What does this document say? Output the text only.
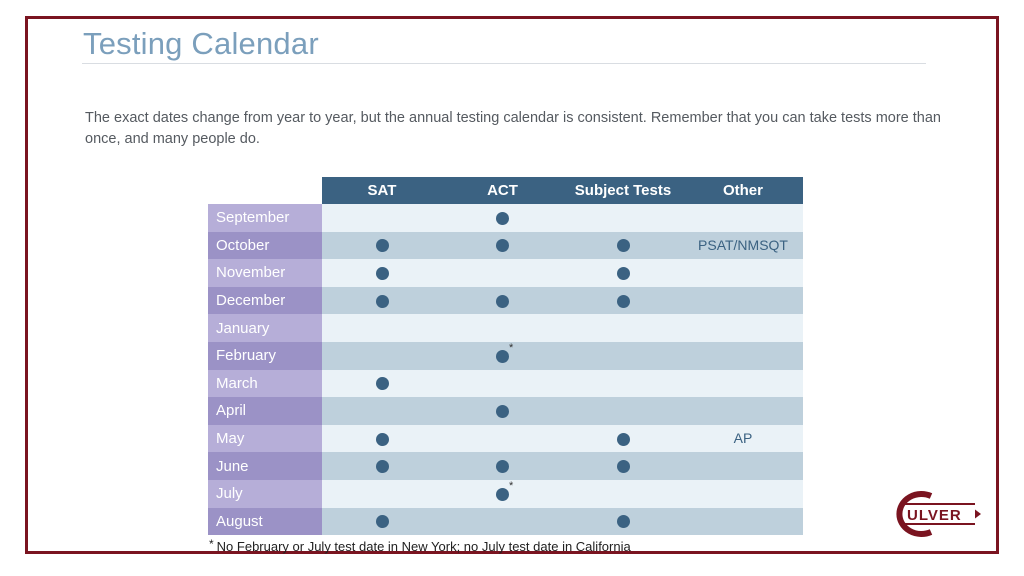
Testing Calendar
The exact dates change from year to year, but the annual testing calendar is consistent. Remember that you can take tests more than once, and many people do.
	SAT	ACT	Subject Tests	Other
September				
October				PSAT/NMSQT
November				
December				
January				
February		*		

March				
April				
May				AP
June				
July		*		

August				
* No February or July test date in New York; no July test date in California
ULVER
